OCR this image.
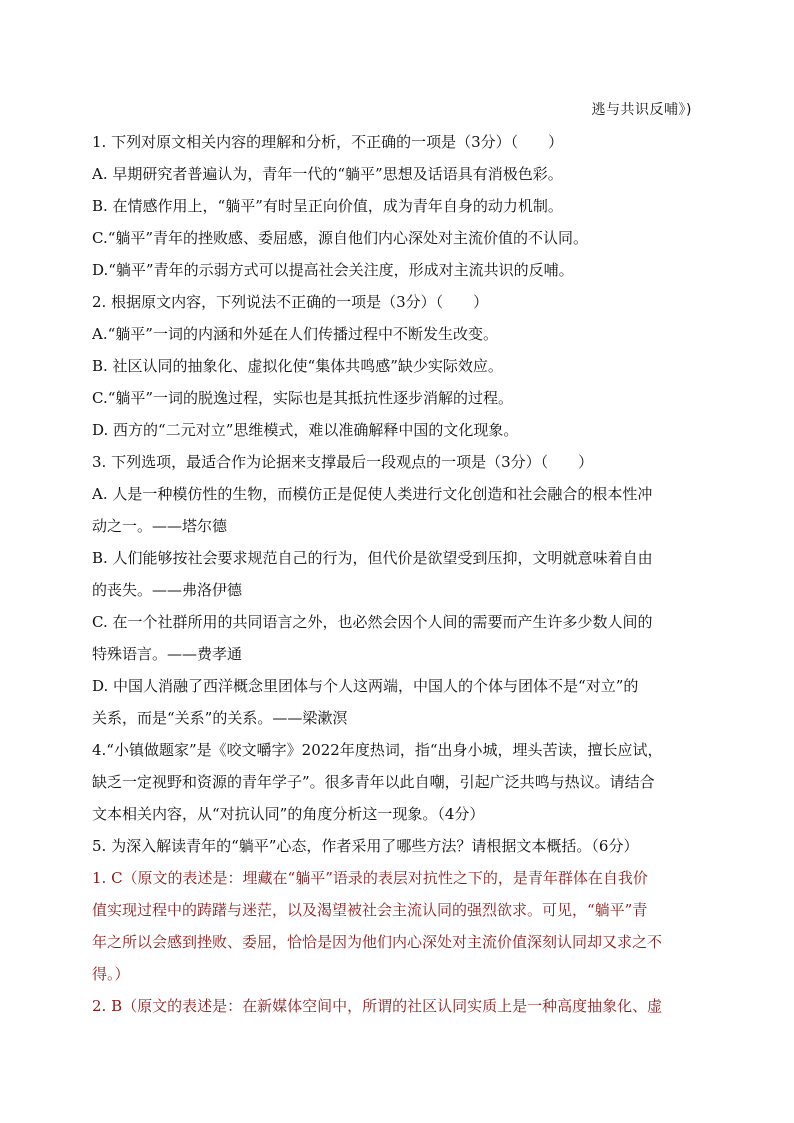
逃与共识反哺》)
1. 下列对原文相关内容的理解和分析，不正确的一项是（3分）（　　）
A. 早期研究者普遍认为，青年一代的“躺平”思想及话语具有消极色彩。
B. 在情感作用上，“躺平”有时呈正向价值，成为青年自身的动力机制。
C.“躺平”青年的挫败感、委屈感，源自他们内心深处对主流价值的不认同。
D.“躺平”青年的示弱方式可以提高社会关注度，形成对主流共识的反哺。
2. 根据原文内容，下列说法不正确的一项是（3分）（　　）
A.“躺平”一词的内涵和外延在人们传播过程中不断发生改变。
B. 社区认同的抽象化、虚拟化使“集体共鸣感”缺少实际效应。
C.“躺平”一词的脱逸过程，实际也是其抵抗性逐步消解的过程。
D. 西方的“二元对立”思维模式，难以准确解释中国的文化现象。
3. 下列选项，最适合作为论据来支撑最后一段观点的一项是（3分）（　　）
A. 人是一种模仿性的生物，而模仿正是促使人类进行文化创造和社会融合的根本性冲
动之一。——塔尔德
B. 人们能够按社会要求规范自己的行为，但代价是欲望受到压抑，文明就意味着自由
的丧失。——弗洛伊德
C. 在一个社群所用的共同语言之外，也必然会因个人间的需要而产生许多少数人间的
特殊语言。——费孝通
D. 中国人消融了西洋概念里团体与个人这两端，中国人的个体与团体不是“对立”的
关系，而是“关系”的关系。——梁漱溟
4.“小镇做题家”是《咬文嚼字》2022年度热词，指“出身小城，埋头苦读，擅长应试，
缺乏一定视野和资源的青年学子”。很多青年以此自嘲，引起广泛共鸣与热议。请结合
文本相关内容，从“对抗认同”的角度分析这一现象。（4分）
5. 为深入解读青年的“躺平”心态，作者采用了哪些方法？请根据文本概括。（6分）
1. C（原文的表述是：埋藏在“躺平”语录的表层对抗性之下的，是青年群体在自我价
值实现过程中的踌躇与迷茫，以及渴望被社会主流认同的强烈欲求。可见，“躺平”青
年之所以会感到挫败、委屈，恰恰是因为他们内心深处对主流价值深刻认同却又求之不
得。）
2. B（原文的表述是：在新媒体空间中，所谓的社区认同实质上是一种高度抽象化、虚
